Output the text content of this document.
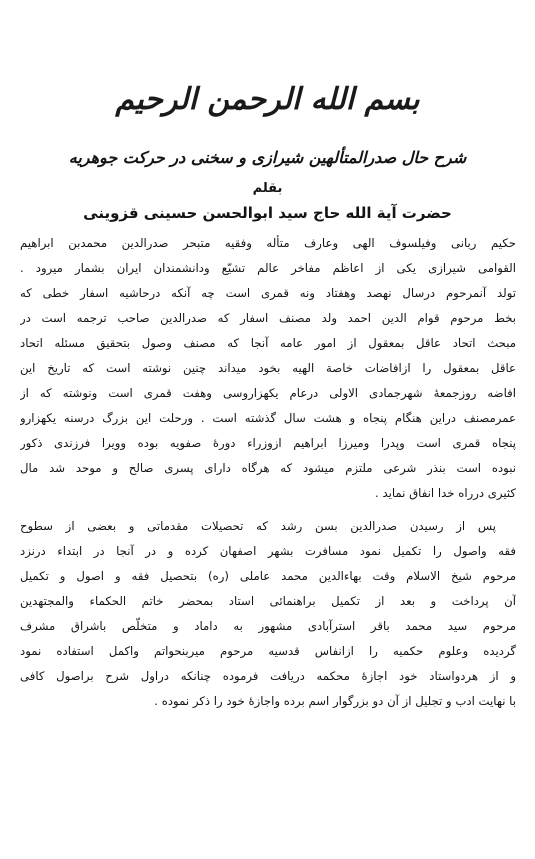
بسم الله الرحمن الرحیم
شرح حال صدرالمتألهین شیرازی و سخنی در حرکت جوهریه
بقلم
حضرت آیة الله حاج سید ابوالحسن حسینی قزوینی
حکیم ربانی وفیلسوف الهی وعارف متأله وفقیه متبحر صدرالدین محمدبن ابراهیم
القوامی شیرازی یکی از اعاظم مفاخر عالم تشیّع ودانشمندان ایران بشمار میرود .
تولد آنمرحوم درسال نهصد وهفتاد ونه قمری است چه آنکه درحاشیه اسفار خطی که
بخط مرحوم قوام الدین احمد ولد مصنف اسفار که صدرالدین صاحب ترجمه است در
مبحث اتحاد عاقل بمعقول از امور عامه آنجا که مصنف وصول بتحقیق مسئله اتحاد
عاقل بمعقول را ازافاضات خاصة الهیه بخود میداند چنین نوشته است که تاریخ این
افاضه روزجمعهٔ شهرجمادی الاولی درعام یکهزاروسی وهفت قمری است ونوشته که از
عمرمصنف دراین هنگام پنجاه و هشت سال گذشته است . ورحلت این بزرگ درسنه یکهزارو
پنجاه قمری است وپدرا ومیرزا ابراهیم ازوزراء دورهٔ صفویه بوده وویرا فرزندی ذکور
نبوده است بنذر شرعی ملتزم میشود که هرگاه دارای پسری صالح و موحد شد مال
کثیری درراه خدا انفاق نماید .
پس از رسیدن صدرالدین بسن رشد که تحصیلات مقدماتی و بعضی از سطوح
فقه واصول را تکمیل نمود مسافرت بشهر اصفهان کرده و در آنجا در ابتداء درنزد
مرحوم شیخ الاسلام وقت بهاءالدین محمد عاملی (ره) بتحصیل فقه و اصول و تکمیل
آن پرداخت و بعد از تکمیل براهنمائی استاد بمحضر خاتم الحکماء والمجتهدین
مرحوم سید محمد باقر استرآبادی مشهور به داماد و متخلّص باشراق مشرف
گردیده وعلوم حکمیه را ازانفاس قدسیه مرحوم میربنحواتم واکمل استفاده نمود
و از هردواستاد خود اجازهٔ محکمه دریافت فرموده چنانکه دراول شرح براصول کافی
با نهایت ادب و تجلیل از آن دو بزرگوار اسم برده واجازهٔ خود را ذکر نموده .
